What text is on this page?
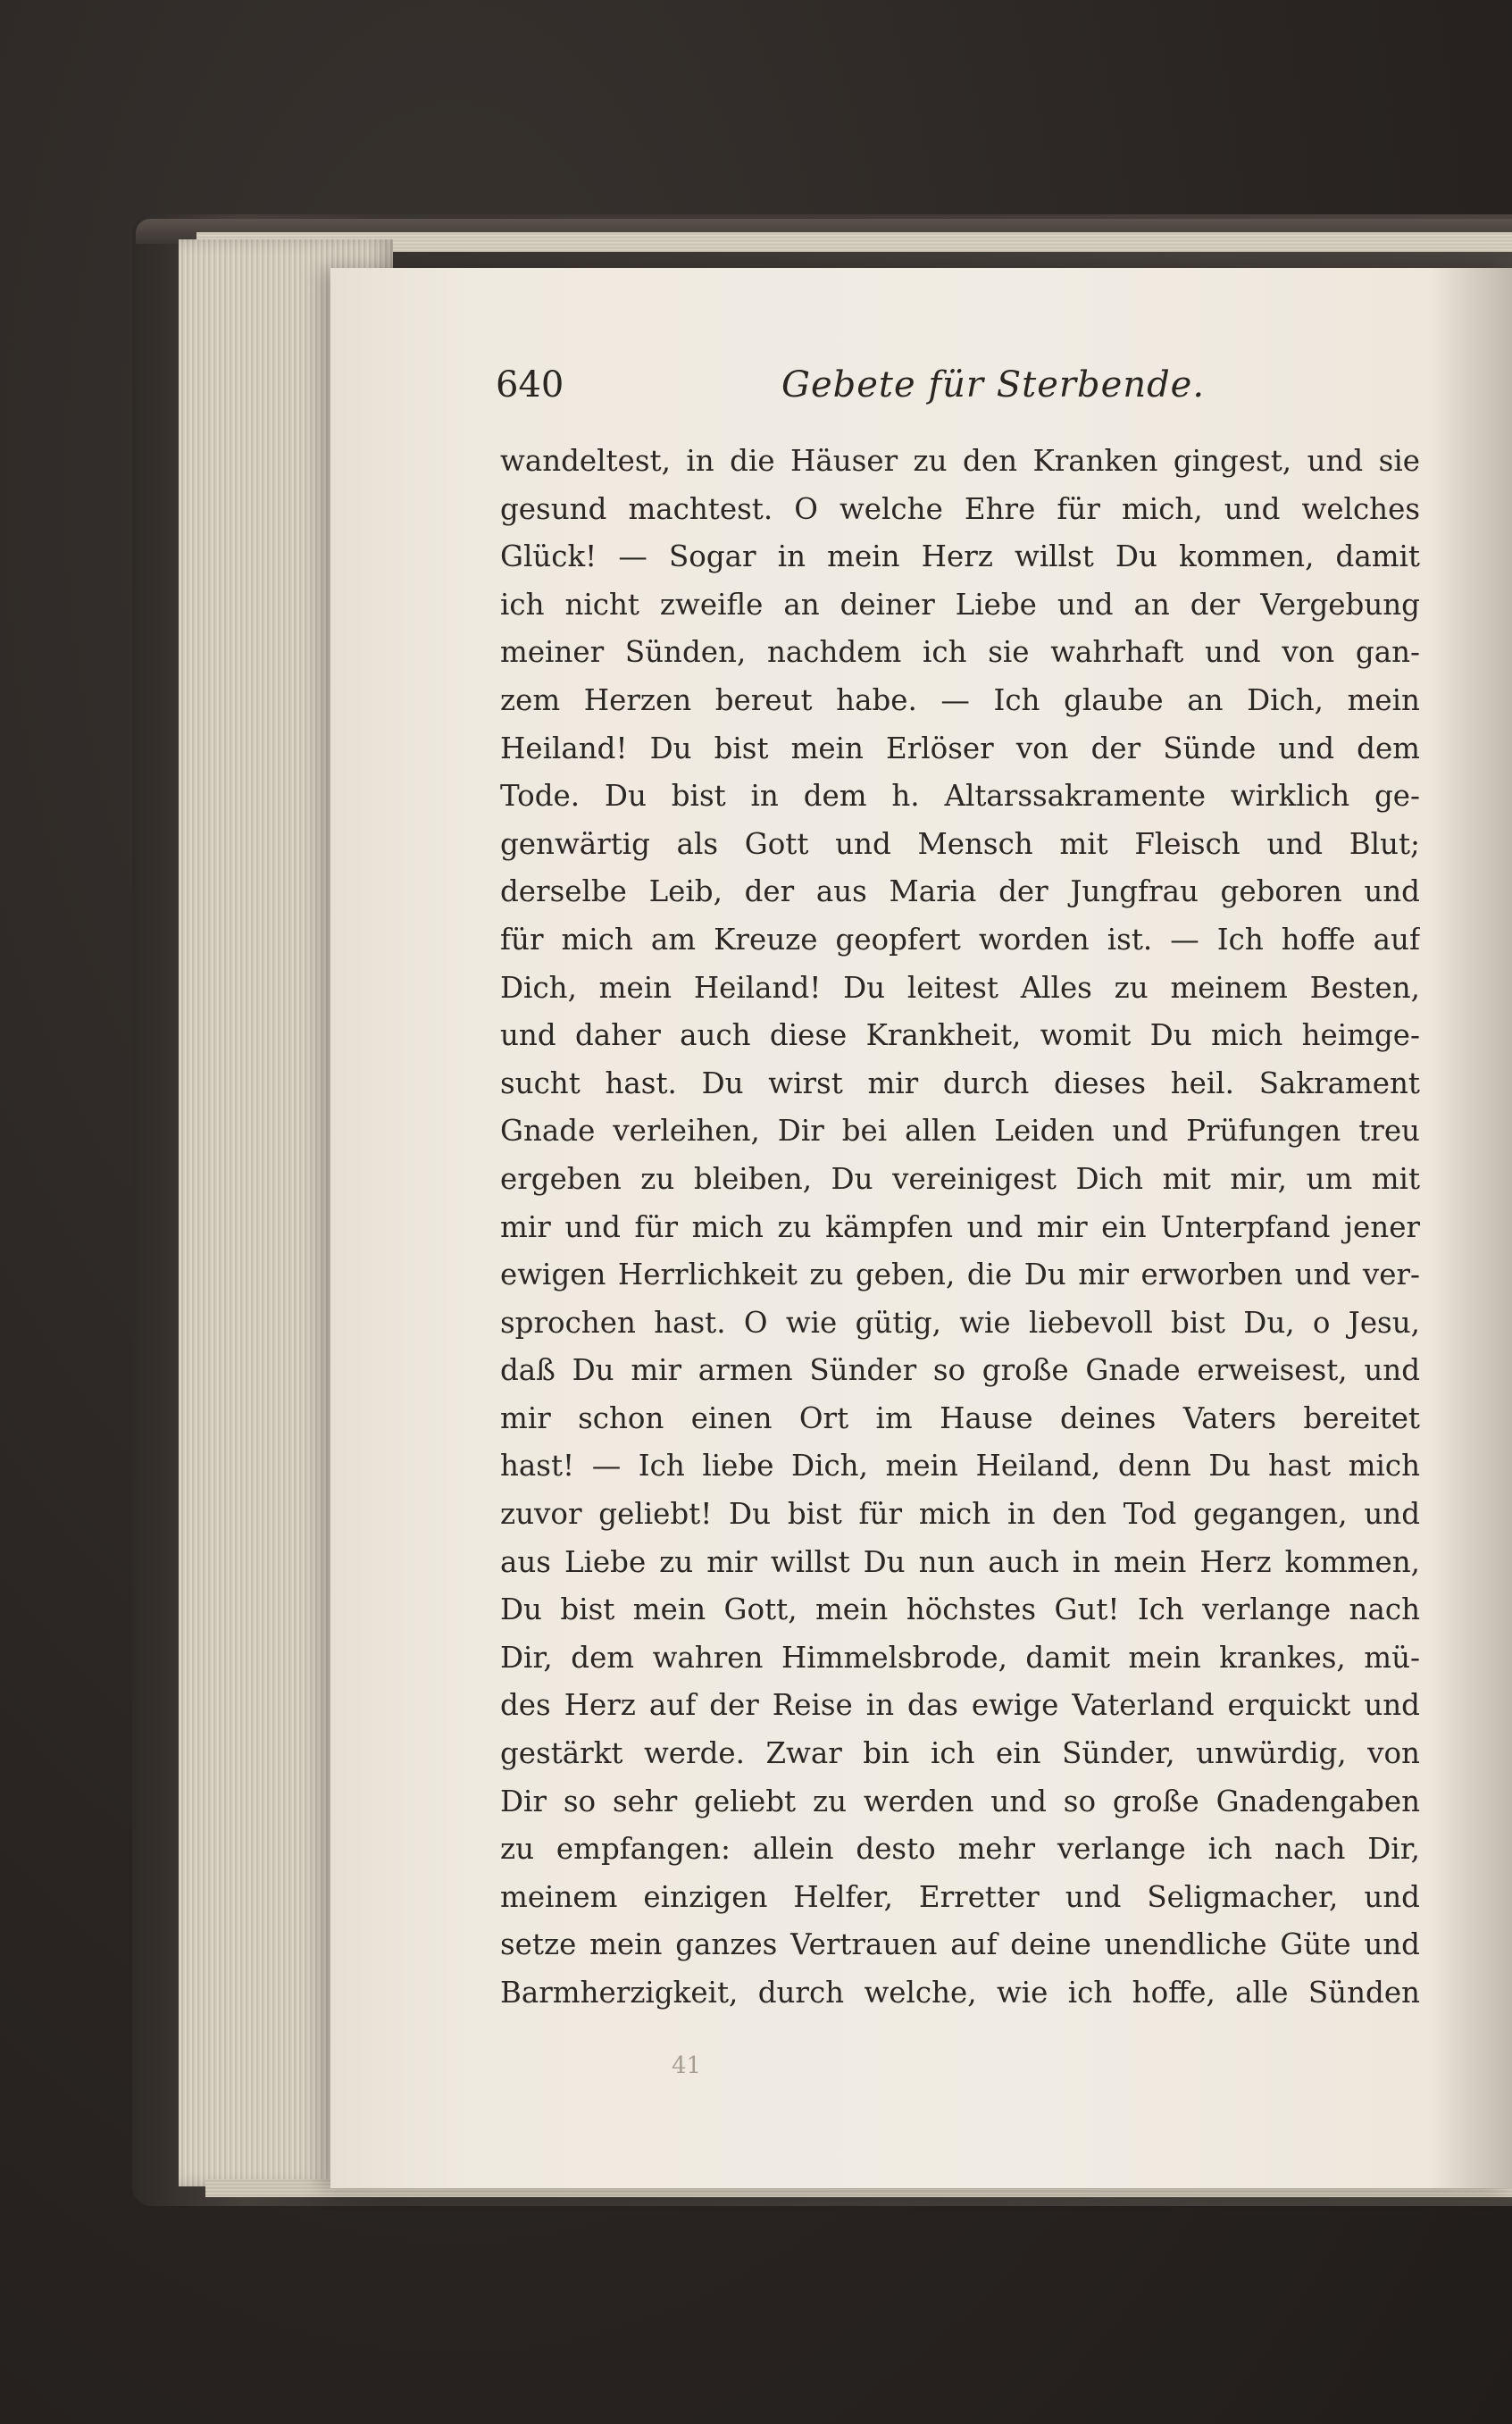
640	Gebete für Sterbende.
wandeltest, in die Häuser zu den Kranken gingest, und sie
gesund machtest. O welche Ehre für mich, und welches
Glück! — Sogar in mein Herz willst Du kommen, damit
ich nicht zweifle an deiner Liebe und an der Vergebung
meiner Sünden, nachdem ich sie wahrhaft und von gan-
zem Herzen bereut habe. — Ich glaube an Dich, mein
Heiland! Du bist mein Erlöser von der Sünde und dem
Tode. Du bist in dem h. Altarssakramente wirklich ge-
genwärtig als Gott und Mensch mit Fleisch und Blut;
derselbe Leib, der aus Maria der Jungfrau geboren und
für mich am Kreuze geopfert worden ist. — Ich hoffe auf
Dich, mein Heiland! Du leitest Alles zu meinem Besten,
und daher auch diese Krankheit, womit Du mich heimge-
sucht hast. Du wirst mir durch dieses heil. Sakrament
Gnade verleihen, Dir bei allen Leiden und Prüfungen treu
ergeben zu bleiben, Du vereinigest Dich mit mir, um mit
mir und für mich zu kämpfen und mir ein Unterpfand jener
ewigen Herrlichkeit zu geben, die Du mir erworben und ver-
sprochen hast. O wie gütig, wie liebevoll bist Du, o Jesu,
daß Du mir armen Sünder so große Gnade erweisest, und
mir schon einen Ort im Hause deines Vaters bereitet
hast! — Ich liebe Dich, mein Heiland, denn Du hast mich
zuvor geliebt! Du bist für mich in den Tod gegangen, und
aus Liebe zu mir willst Du nun auch in mein Herz kommen,
Du bist mein Gott, mein höchstes Gut! Ich verlange nach
Dir, dem wahren Himmelsbrode, damit mein krankes, mü-
des Herz auf der Reise in das ewige Vaterland erquickt und
gestärkt werde. Zwar bin ich ein Sünder, unwürdig, von
Dir so sehr geliebt zu werden und so große Gnadengaben
zu empfangen: allein desto mehr verlange ich nach Dir,
meinem einzigen Helfer, Erretter und Seligmacher, und
setze mein ganzes Vertrauen auf deine unendliche Güte und
Barmherzigkeit, durch welche, wie ich hoffe, alle Sünden
41
